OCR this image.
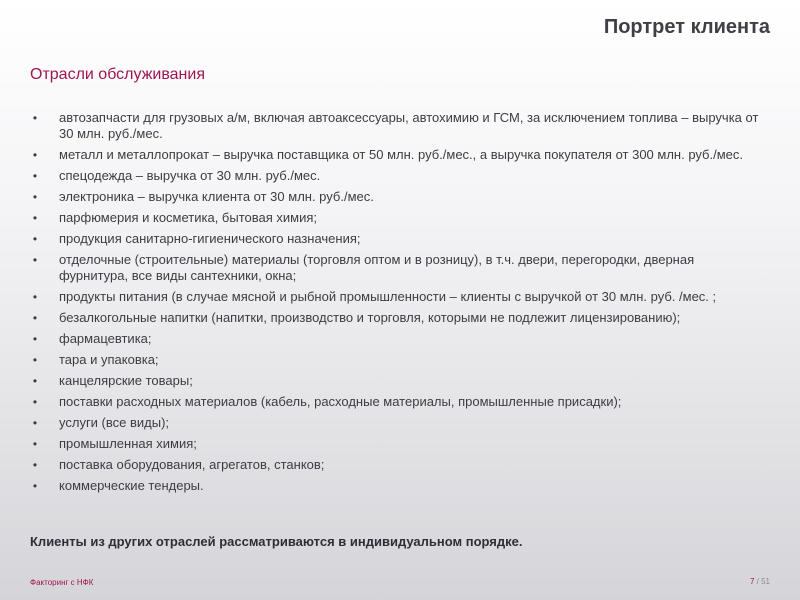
Портрет клиента
Отрасли обслуживания
• автозапчасти для грузовых а/м, включая автоаксессуары, автохимию и ГСМ, за исключением топлива – выручка от 30 млн. руб./мес.
• металл и металлопрокат – выручка поставщика от 50 млн. руб./мес., а выручка покупателя от 300 млн. руб./мес.
• спецодежда – выручка от 30 млн. руб./мес.
• электроника – выручка клиента от 30 млн. руб./мес.
• парфюмерия и косметика, бытовая химия;
• продукция санитарно-гигиенического назначения;
• отделочные (строительные) материалы (торговля оптом и в розницу), в т.ч. двери, перегородки, дверная фурнитура, все виды сантехники, окна;
• продукты питания (в случае мясной и рыбной промышленности – клиенты с выручкой от 30 млн. руб. /мес. ;
• безалкогольные напитки (напитки, производство и торговля, которыми не подлежит лицензированию);
• фармацевтика;
• тара и упаковка;
• канцелярские товары;
• поставки расходных материалов (кабель, расходные материалы, промышленные присадки);
• услуги (все виды);
• промышленная химия;
• поставка оборудования, агрегатов, станков;
• коммерческие тендеры.

Клиенты из других отраслей рассматриваются в индивидуальном порядке.

Факторинг с НФК	7 / 51
